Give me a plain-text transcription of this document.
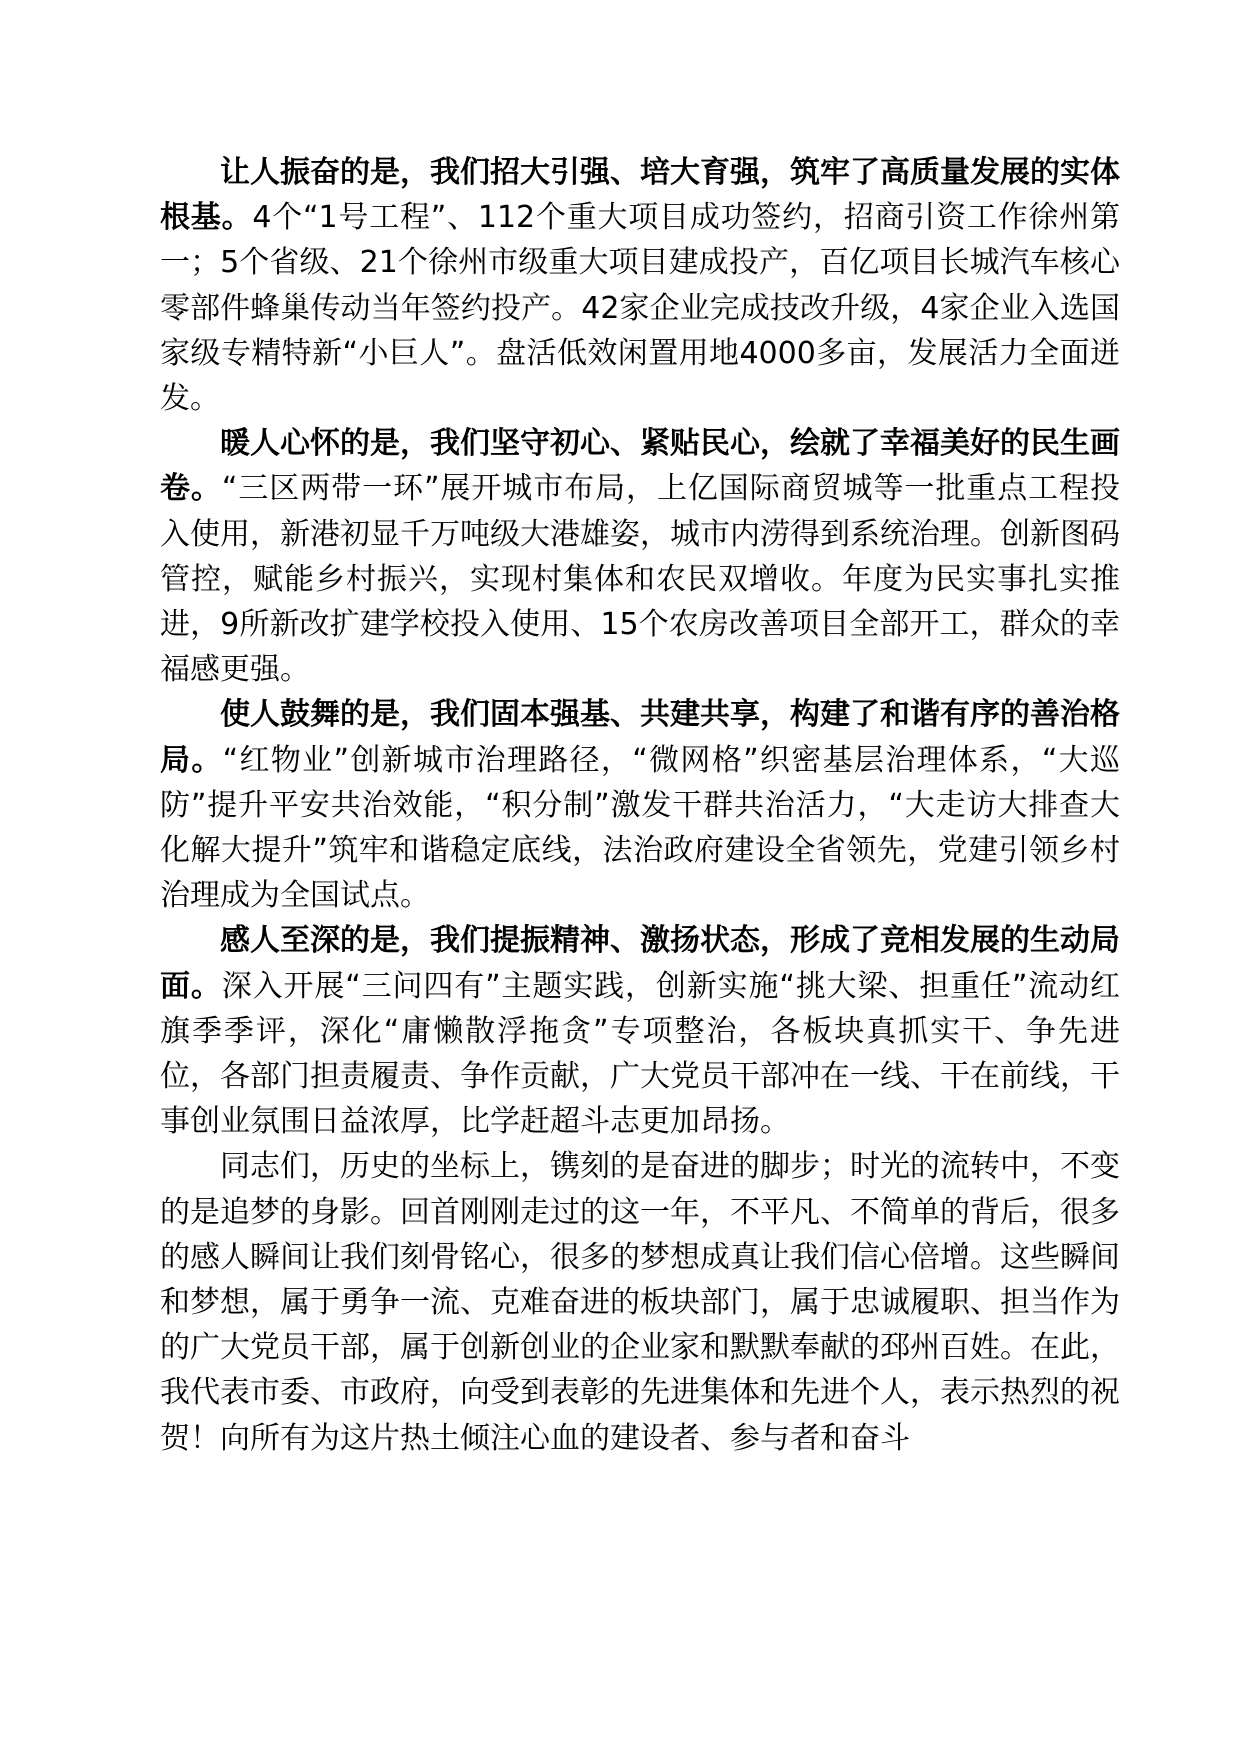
让人振奋的是，我们招大引强、培大育强，筑牢了高质量发展的实体根基。4个“1号工程”、112个重大项目成功签约，招商引资工作徐州第一；5个省级、21个徐州市级重大项目建成投产，百亿项目长城汽车核心零部件蜂巢传动当年签约投产。42家企业完成技改升级，4家企业入选国家级专精特新“小巨人”。盘活低效闲置用地4000多亩，发展活力全面迸发。

暖人心怀的是，我们坚守初心、紧贴民心，绘就了幸福美好的民生画卷。“三区两带一环”展开城市布局，上亿国际商贸城等一批重点工程投入使用，新港初显千万吨级大港雄姿，城市内涝得到系统治理。创新图码管控，赋能乡村振兴，实现村集体和农民双增收。年度为民实事扎实推进，9所新改扩建学校投入使用、15个农房改善项目全部开工，群众的幸福感更强。

使人鼓舞的是，我们固本强基、共建共享，构建了和谐有序的善治格局。“红物业”创新城市治理路径，“微网格”织密基层治理体系，“大巡防”提升平安共治效能，“积分制”激发干群共治活力，“大走访大排查大化解大提升”筑牢和谐稳定底线，法治政府建设全省领先，党建引领乡村治理成为全国试点。

感人至深的是，我们提振精神、激扬状态，形成了竞相发展的生动局面。深入开展“三问四有”主题实践，创新实施“挑大梁、担重任”流动红旗季季评，深化“庸懒散浮拖贪”专项整治，各板块真抓实干、争先进位，各部门担责履责、争作贡献，广大党员干部冲在一线、干在前线，干事创业氛围日益浓厚，比学赶超斗志更加昂扬。

同志们，历史的坐标上，镌刻的是奋进的脚步；时光的流转中，不变的是追梦的身影。回首刚刚走过的这一年，不平凡、不简单的背后，很多的感人瞬间让我们刻骨铭心，很多的梦想成真让我们信心倍增。这些瞬间和梦想，属于勇争一流、克难奋进的板块部门，属于忠诚履职、担当作为的广大党员干部，属于创新创业的企业家和默默奉献的邳州百姓。在此，我代表市委、市政府，向受到表彰的先进集体和先进个人，表示热烈的祝贺！向所有为这片热土倾注心血的建设者、参与者和奋斗
